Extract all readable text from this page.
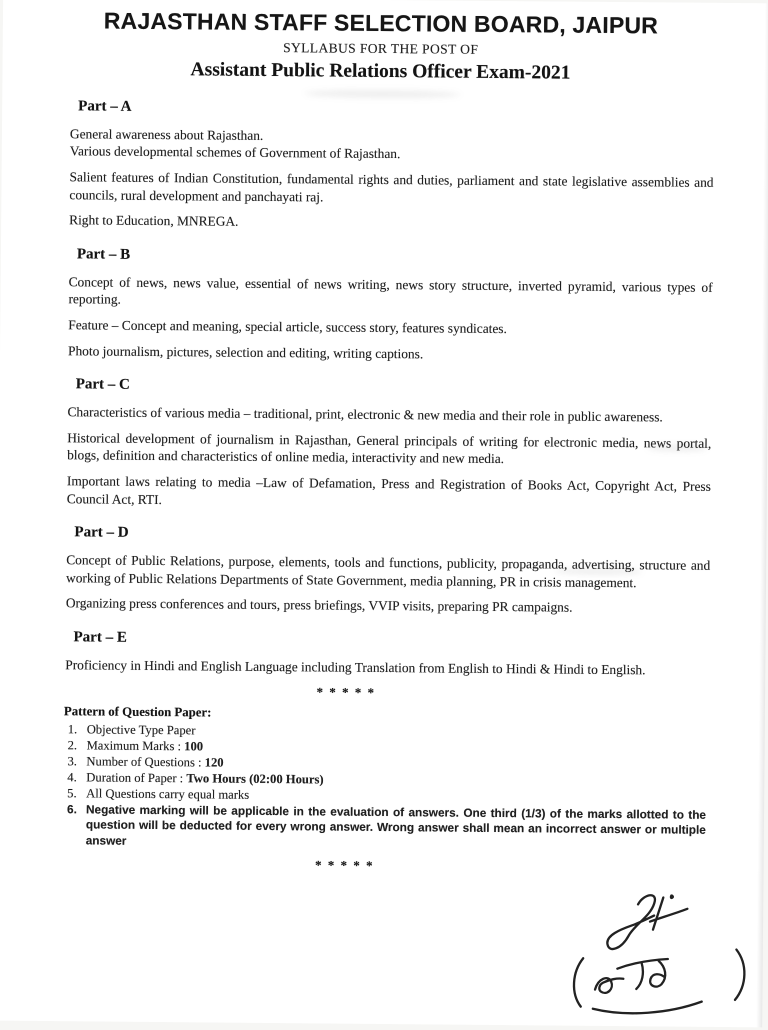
RAJASTHAN STAFF SELECTION BOARD, JAIPUR
SYLLABUS FOR THE POST OF
Assistant Public Relations Officer Exam-2021
Part – A

General awareness about Rajasthan.

Various developmental schemes of Government of Rajasthan.

Salient features of Indian Constitution, fundamental rights and duties, parliament and state legislative assemblies and councils, rural development and panchayati raj.

Right to Education, MNREGA.

Part – B

Concept of news, news value, essential of news writing, news story structure, inverted pyramid, various types of reporting.

Feature – Concept and meaning, special article, success story, features syndicates.

Photo journalism, pictures, selection and editing, writing captions.

Part – C

Characteristics of various media – traditional, print, electronic & new media and their role in public awareness.

Historical development of journalism in Rajasthan, General principals of writing for electronic media, news portal, blogs, definition and characteristics of online media, interactivity and new media.

Important laws relating to media –Law of Defamation, Press and Registration of Books Act, Copyright Act, Press Council Act, RTI.

Part – D

Concept of Public Relations, purpose, elements, tools and functions, publicity, propaganda, advertising, structure and working of Public Relations Departments of State Government, media planning, PR in crisis management.

Organizing press conferences and tours, press briefings, VVIP visits, preparing PR campaigns.

Part – E

Proficiency in Hindi and English Language including Translation from English to Hindi & Hindi to English.

* * * * *
Pattern of Question Paper:
1. Objective Type Paper
2. Maximum Marks : 100
3. Number of Questions : 120
4. Duration of Paper : Two Hours (02:00 Hours)
5. All Questions carry equal marks
6. Negative marking will be applicable in the evaluation of answers. One third (1/3) of the marks allotted to the question will be deducted for every wrong answer. Wrong answer shall mean an incorrect answer or multiple answer
* * * * *
